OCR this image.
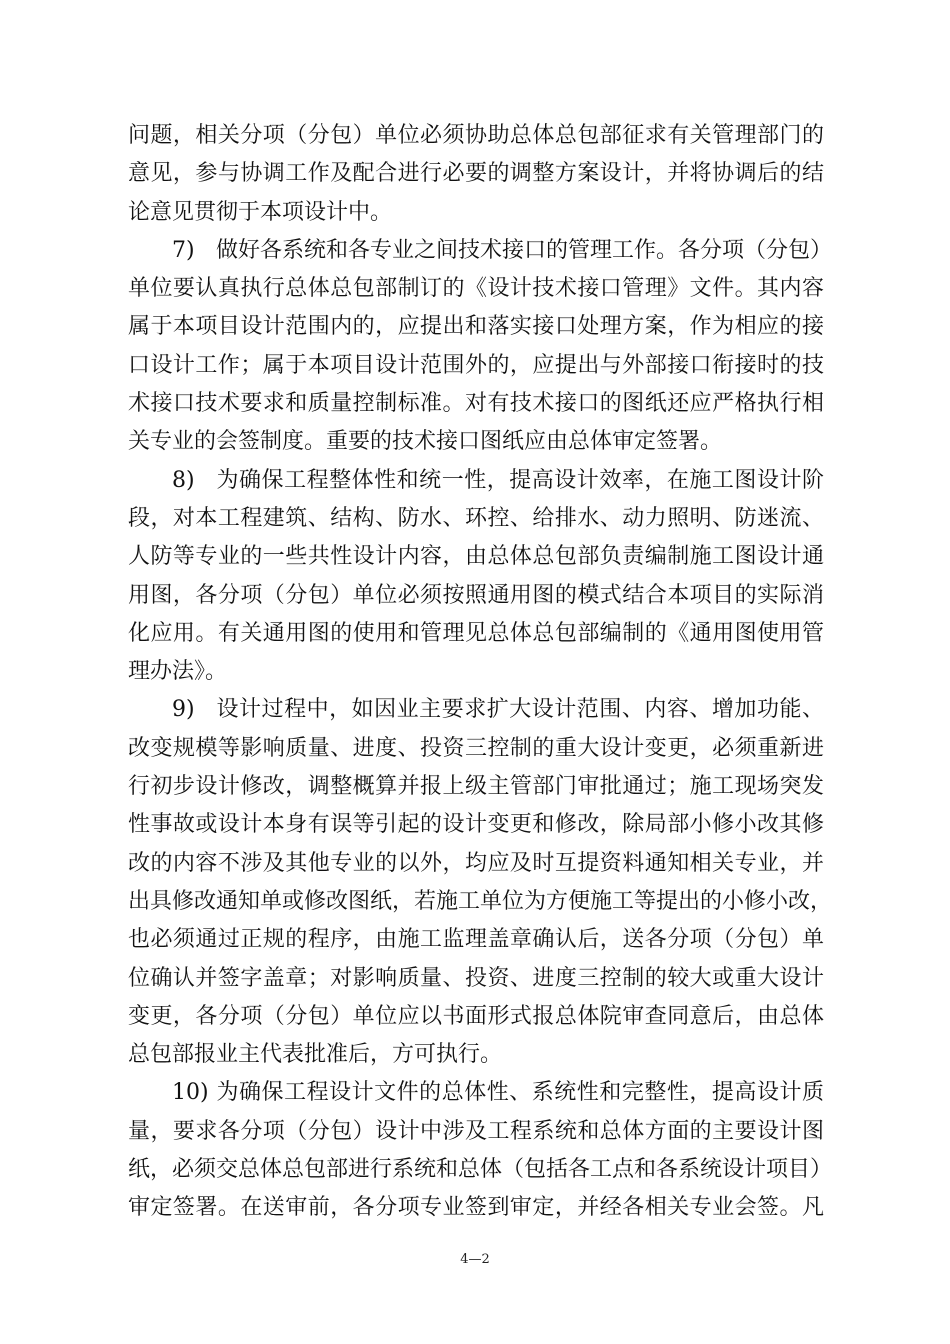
问题，相关分项（分包）单位必须协助总体总包部征求有关管理部门的
意见，参与协调工作及配合进行必要的调整方案设计，并将协调后的结
论意见贯彻于本项设计中。
7) 做好各系统和各专业之间技术接口的管理工作。各分项（分包）
单位要认真执行总体总包部制订的《设计技术接口管理》文件。其内容
属于本项目设计范围内的，应提出和落实接口处理方案，作为相应的接
口设计工作；属于本项目设计范围外的，应提出与外部接口衔接时的技
术接口技术要求和质量控制标准。对有技术接口的图纸还应严格执行相
关专业的会签制度。重要的技术接口图纸应由总体审定签署。
8) 为确保工程整体性和统一性，提高设计效率，在施工图设计阶
段，对本工程建筑、结构、防水、环控、给排水、动力照明、防迷流、
人防等专业的一些共性设计内容，由总体总包部负责编制施工图设计通
用图，各分项（分包）单位必须按照通用图的模式结合本项目的实际消
化应用。有关通用图的使用和管理见总体总包部编制的《通用图使用管
理办法》。
9) 设计过程中，如因业主要求扩大设计范围、内容、增加功能、
改变规模等影响质量、进度、投资三控制的重大设计变更，必须重新进
行初步设计修改，调整概算并报上级主管部门审批通过；施工现场突发
性事故或设计本身有误等引起的设计变更和修改，除局部小修小改其修
改的内容不涉及其他专业的以外，均应及时互提资料通知相关专业，并
出具修改通知单或修改图纸，若施工单位为方便施工等提出的小修小改，
也必须通过正规的程序，由施工监理盖章确认后，送各分项（分包）单
位确认并签字盖章；对影响质量、投资、进度三控制的较大或重大设计
变更，各分项（分包）单位应以书面形式报总体院审查同意后，由总体
总包部报业主代表批准后，方可执行。
10) 为确保工程设计文件的总体性、系统性和完整性，提高设计质
量，要求各分项（分包）设计中涉及工程系统和总体方面的主要设计图
纸，必须交总体总包部进行系统和总体（包括各工点和各系统设计项目）
审定签署。在送审前，各分项专业签到审定，并经各相关专业会签。凡
4—2
